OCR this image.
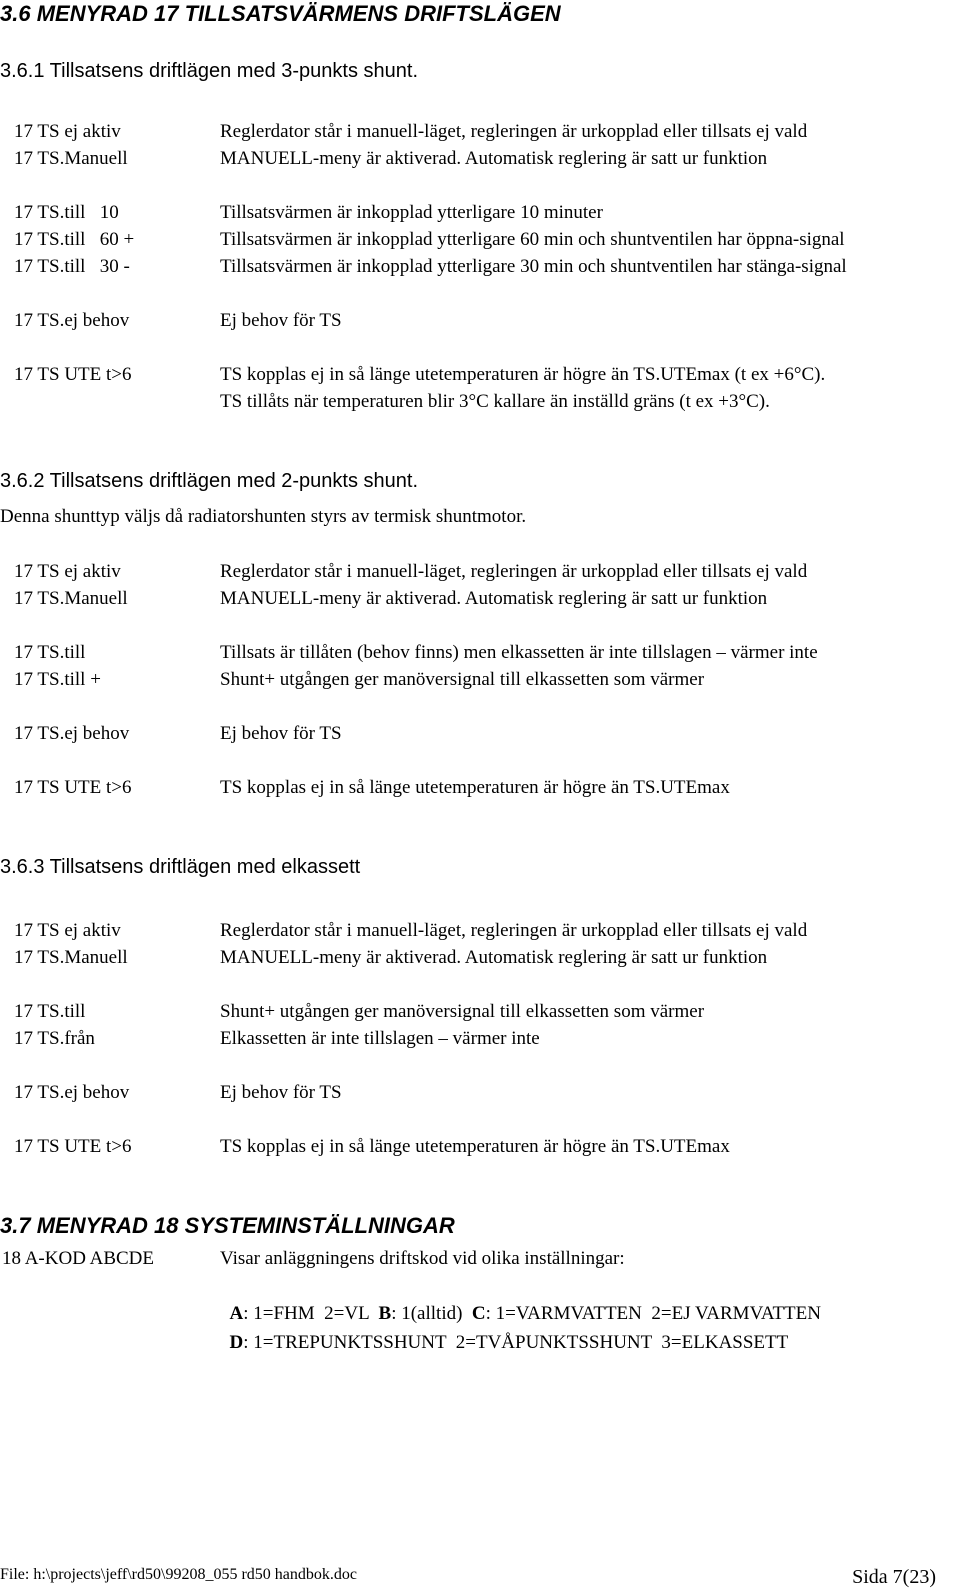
3.6 MENYRAD 17 TILLSATSVÄRMENS DRIFTSLÄGEN
3.6.1 Tillsatsens driftlägen med 3-punkts shunt.
17 TS ej aktiv	Reglerdator står i manuell-läget, regleringen är urkopplad eller tillsats ej vald
17 TS.Manuell	MANUELL-meny är aktiverad. Automatisk reglering är satt ur funktion
17 TS.till   10	Tillsatsvärmen är inkopplad ytterligare 10 minuter
17 TS.till   60 +	Tillsatsvärmen är inkopplad ytterligare 60 min och shuntventilen har öppna-signal
17 TS.till   30 -	Tillsatsvärmen är inkopplad ytterligare 30 min och shuntventilen har stänga-signal
17 TS.ej behov	Ej behov för TS
17 TS UTE t>6	TS kopplas ej in så länge utetemperaturen är högre än TS.UTEmax (t ex +6°C).
TS tillåts när temperaturen blir 3°C kallare än inställd gräns (t ex +3°C).
3.6.2 Tillsatsens driftlägen med 2-punkts shunt.
Denna shunttyp väljs då radiatorshunten styrs av termisk shuntmotor.
17 TS ej aktiv	Reglerdator står i manuell-läget, regleringen är urkopplad eller tillsats ej vald
17 TS.Manuell	MANUELL-meny är aktiverad. Automatisk reglering är satt ur funktion
17 TS.till	Tillsats är tillåten (behov finns) men elkassetten är inte tillslagen – värmer inte
17 TS.till +	Shunt+ utgången ger manöversignal till elkassetten som värmer
17 TS.ej behov	Ej behov för TS
17 TS UTE t>6	TS kopplas ej in så länge utetemperaturen är högre än TS.UTEmax
3.6.3 Tillsatsens driftlägen med elkassett
17 TS ej aktiv	Reglerdator står i manuell-läget, regleringen är urkopplad eller tillsats ej vald
17 TS.Manuell	MANUELL-meny är aktiverad. Automatisk reglering är satt ur funktion
17 TS.till	Shunt+ utgången ger manöversignal till elkassetten som värmer
17 TS.från	Elkassetten är inte tillslagen – värmer inte
17 TS.ej behov	Ej behov för TS
17 TS UTE t>6	TS kopplas ej in så länge utetemperaturen är högre än TS.UTEmax
3.7 MENYRAD 18 SYSTEMINSTÄLLNINGAR
18 A-KOD ABCDE	Visar anläggningens driftskod vid olika inställningar:

A: 1=FHM  2=VL  B: 1(alltid)  C: 1=VARMVATTEN  2=EJ VARMVATTEN

D: 1=TREPUNKTSSHUNT  2=TVÅPUNKTSSHUNT  3=ELKASSETT

File: h:\projects\jeff\rd50\99208_055 rd50 handbok.doc	Sida 7(23)
